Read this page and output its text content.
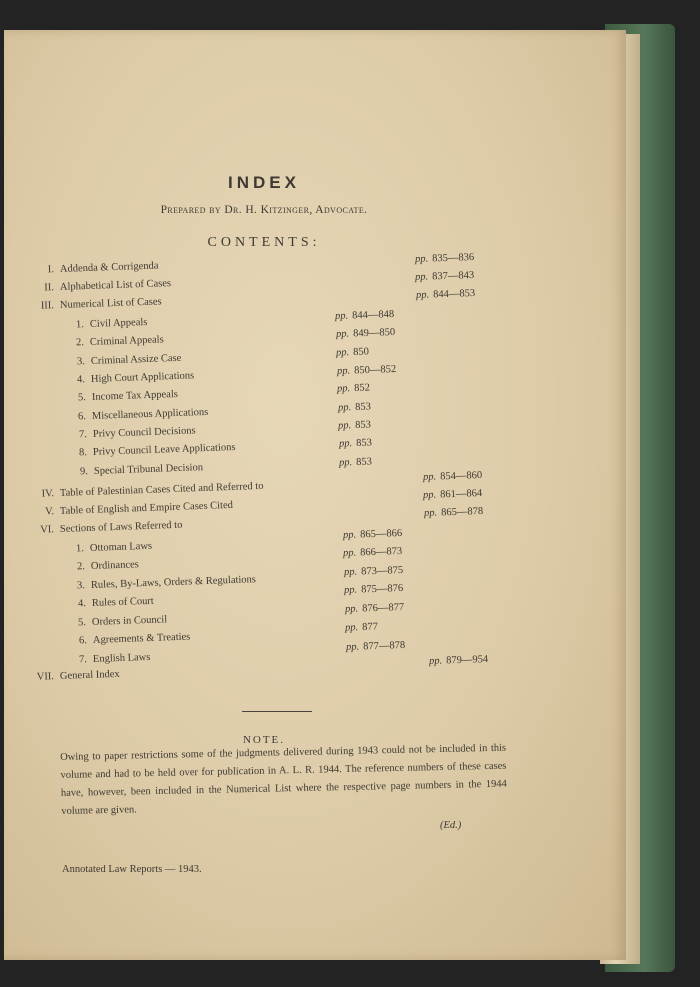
INDEX
Prepared by Dr. H. Kitzinger, Advocate.
CONTENTS:
I. Addenda & Corrigenda
II. Alphabetical List of Cases
III. Numerical List of Cases
1. Civil Appeals
2. Criminal Appeals
3. Criminal Assize Case
4. High Court Applications
5. Income Tax Appeals
6. Miscellaneous Applications
7. Privy Council Decisions
8. Privy Council Leave Applications
9. Special Tribunal Decision
IV. Table of Palestinian Cases Cited and Referred to
V. Table of English and Empire Cases Cited
VI. Sections of Laws Referred to
1. Ottoman Laws
2. Ordinances
3. Rules, By-Laws, Orders & Regulations
4. Rules of Court
5. Orders in Council
6. Agreements & Treaties
7. English Laws
VII. General Index
pp. 835—836
pp. 837—843
pp. 844—853
pp. 844—848
pp. 849—850
pp. 850
pp. 850—852
pp. 852
pp. 853
pp. 853
pp. 853
pp. 853
pp. 854—860
pp. 861—864
pp. 865—878
pp. 865—866
pp. 866—873
pp. 873—875
pp. 875—876
pp. 876—877
pp. 877
pp. 877—878
pp. 879—954
NOTE.

Owing to paper restrictions some of the judgments delivered during 1943 could not be included in this volume and had to be held over for publication in A. L. R. 1944. The reference numbers of these cases have, however, been included in the Numerical List where the respective page numbers in the 1944 volume are given.

(Ed.)
Annotated Law Reports — 1943.
